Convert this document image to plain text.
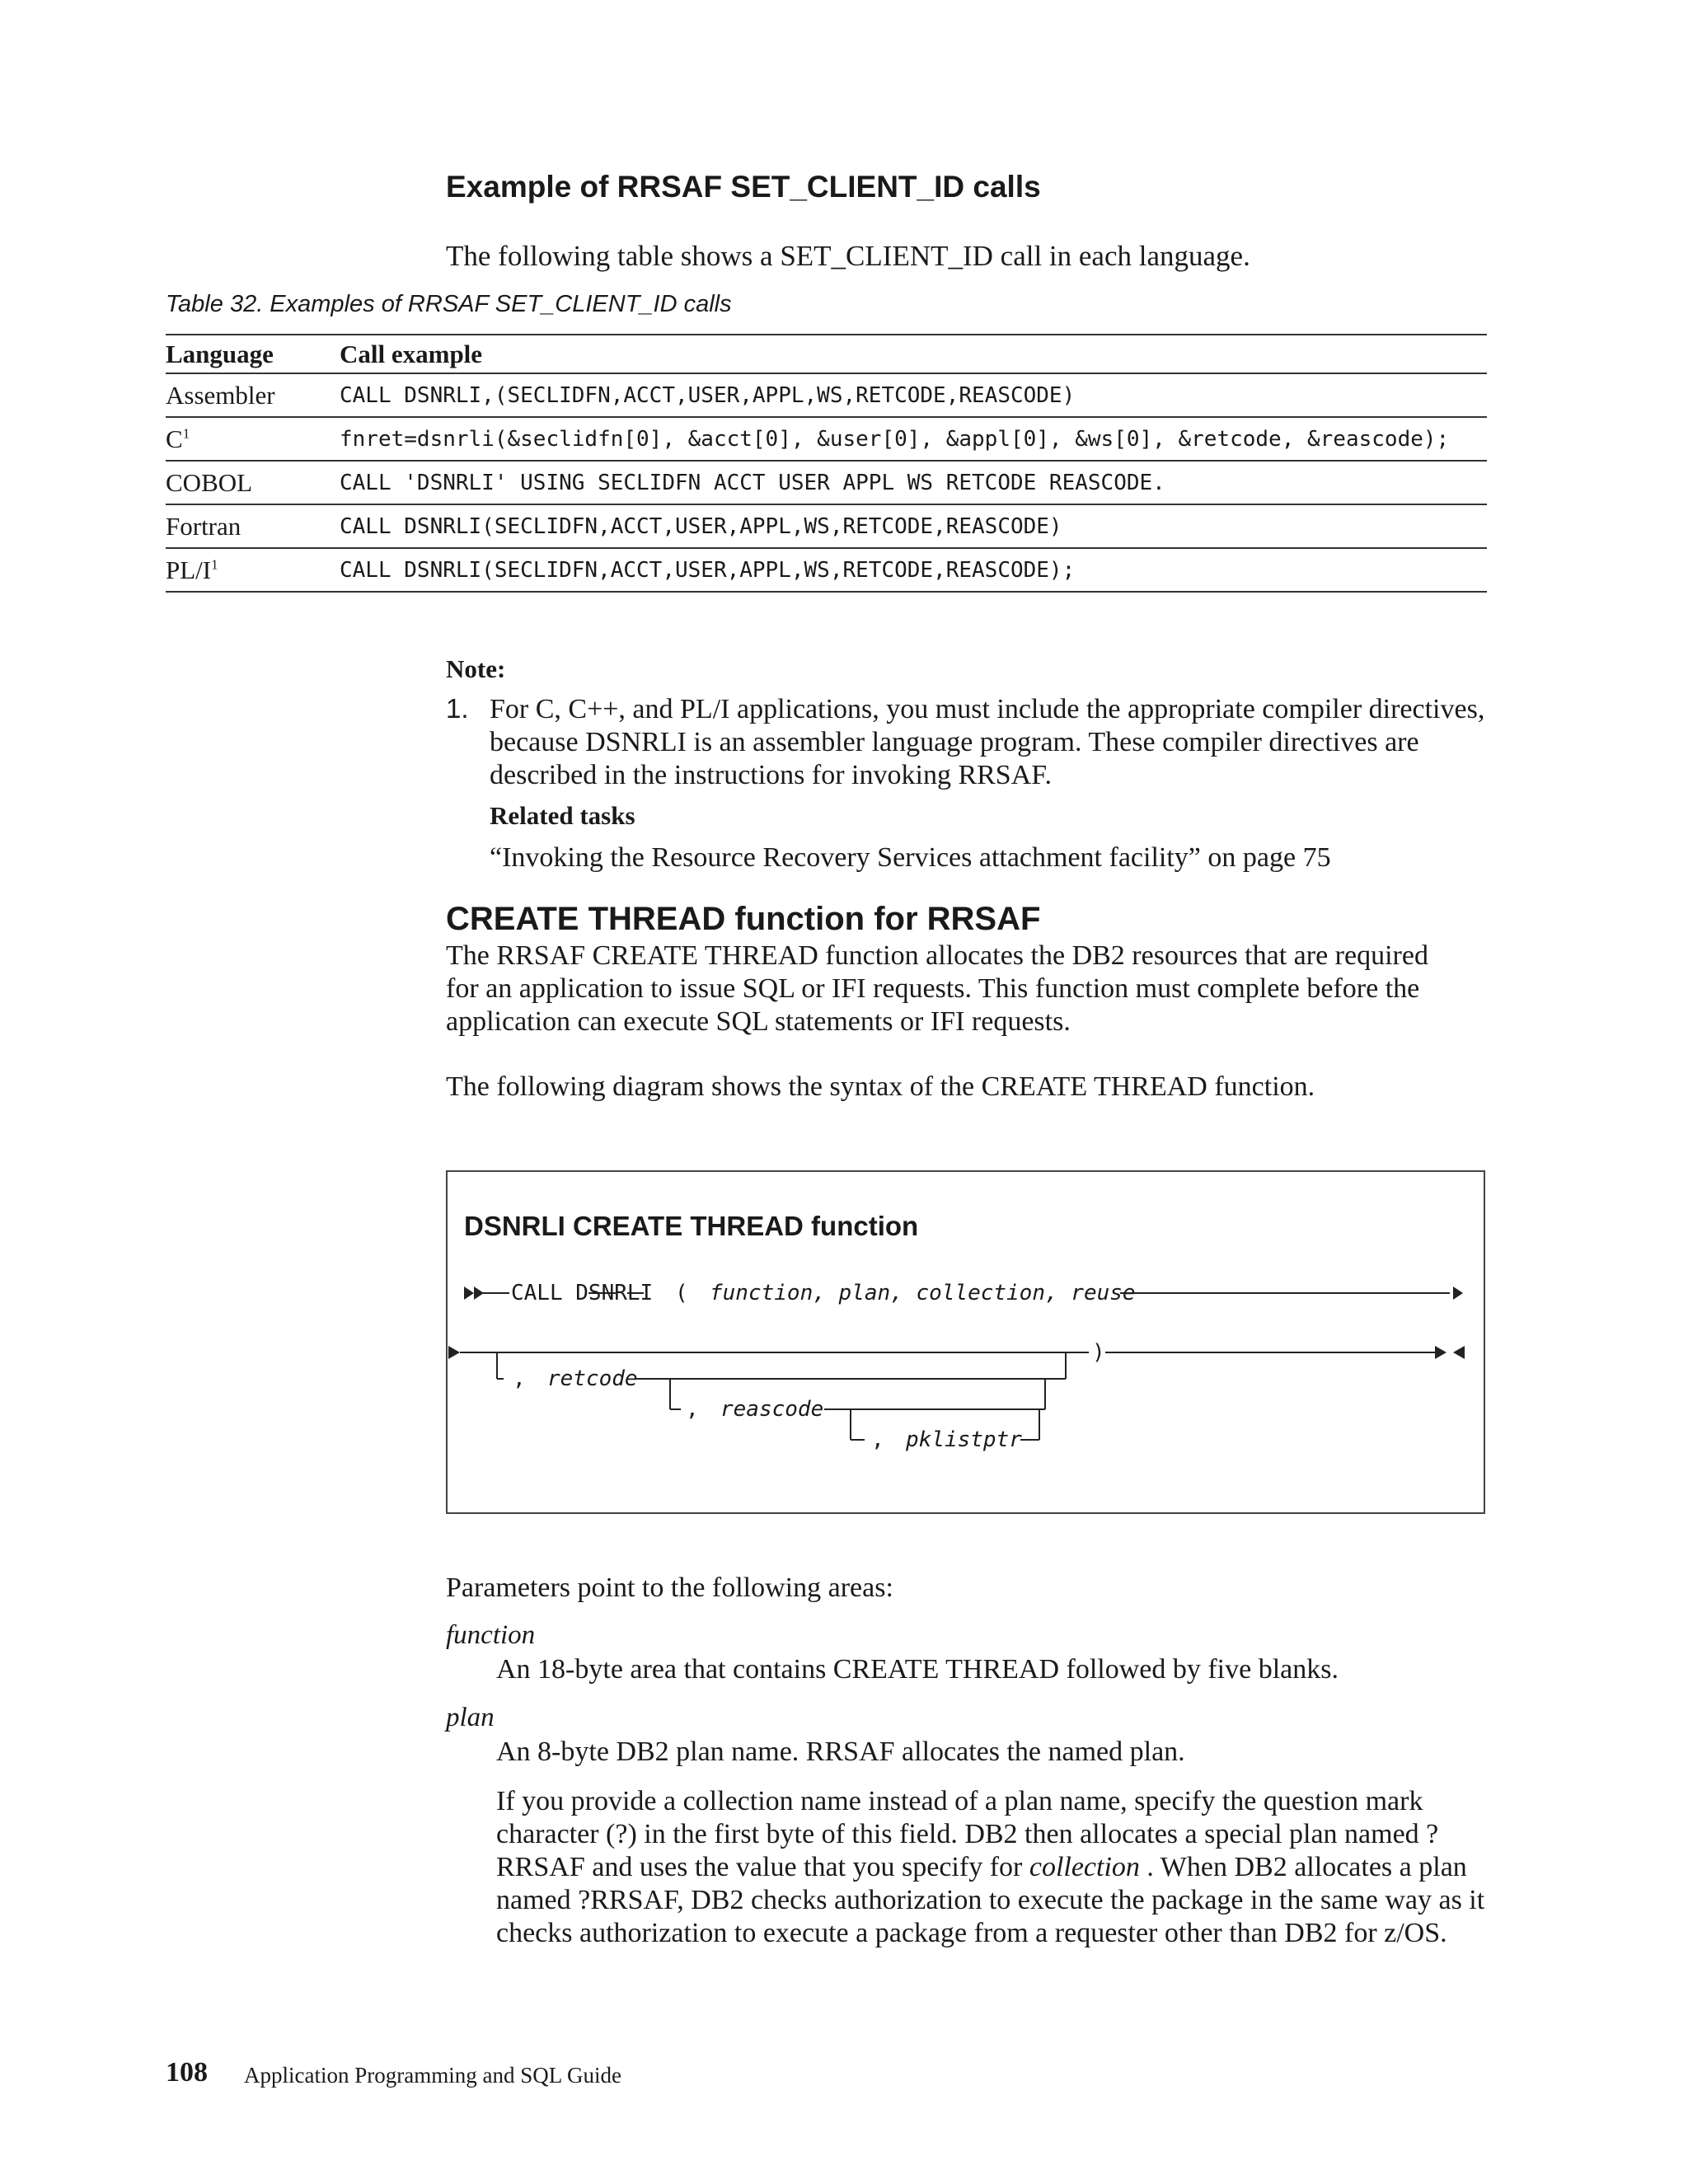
Example of RRSAF SET_CLIENT_ID calls
The following table shows a SET_CLIENT_ID call in each language.
Table 32. Examples of RRSAF SET_CLIENT_ID calls
Language	Call example
Assembler	CALL DSNRLI,(SECLIDFN,ACCT,USER,APPL,WS,RETCODE,REASCODE)
$C^1$	fnret=dsnrli(&seclidfn[0], &acct[0], &user[0], &appl[0], &ws[0], &retcode, &reascode);
COBOL	CALL 'DSNRLI' USING SECLIDFN ACCT USER APPL WS RETCODE REASCODE.
Fortran	CALL DSNRLI(SECLIDFN,ACCT,USER,APPL,WS,RETCODE,REASCODE)
$PL/I^1$	CALL DSNRLI(SECLIDFN,ACCT,USER,APPL,WS,RETCODE,REASCODE);
Note:
1. For C, C++, and PL/I applications, you must include the appropriate compiler directives, because DSNRLI is an assembler language program. These compiler directives are described in the instructions for invoking RRSAF.
Related tasks
“Invoking the Resource Recovery Services attachment facility” on page 75
CREATE THREAD function for RRSAF
The RRSAF CREATE THREAD function allocates the DB2 resources that are required for an application to issue SQL or IFI requests. This function must complete before the application can execute SQL statements or IFI requests.
The following diagram shows the syntax of the CREATE THREAD function.
DSNRLI CREATE THREAD function
CALL DSNRLI ( function, plan, collection, reuse
)
, retcode
, reascode
, pklistptr
Parameters point to the following areas:
function
An 18-byte area that contains CREATE THREAD followed by five blanks.
plan
An 8-byte DB2 plan name. RRSAF allocates the named plan.
If you provide a collection name instead of a plan name, specify the question mark character (?) in the first byte of this field. DB2 then allocates a special plan named ?RRSAF and uses the value that you specify for collection . When DB2 allocates a plan named ?RRSAF, DB2 checks authorization to execute the package in the same way as it checks authorization to execute a package from a requester other than DB2 for z/OS.
108 Application Programming and SQL Guide
